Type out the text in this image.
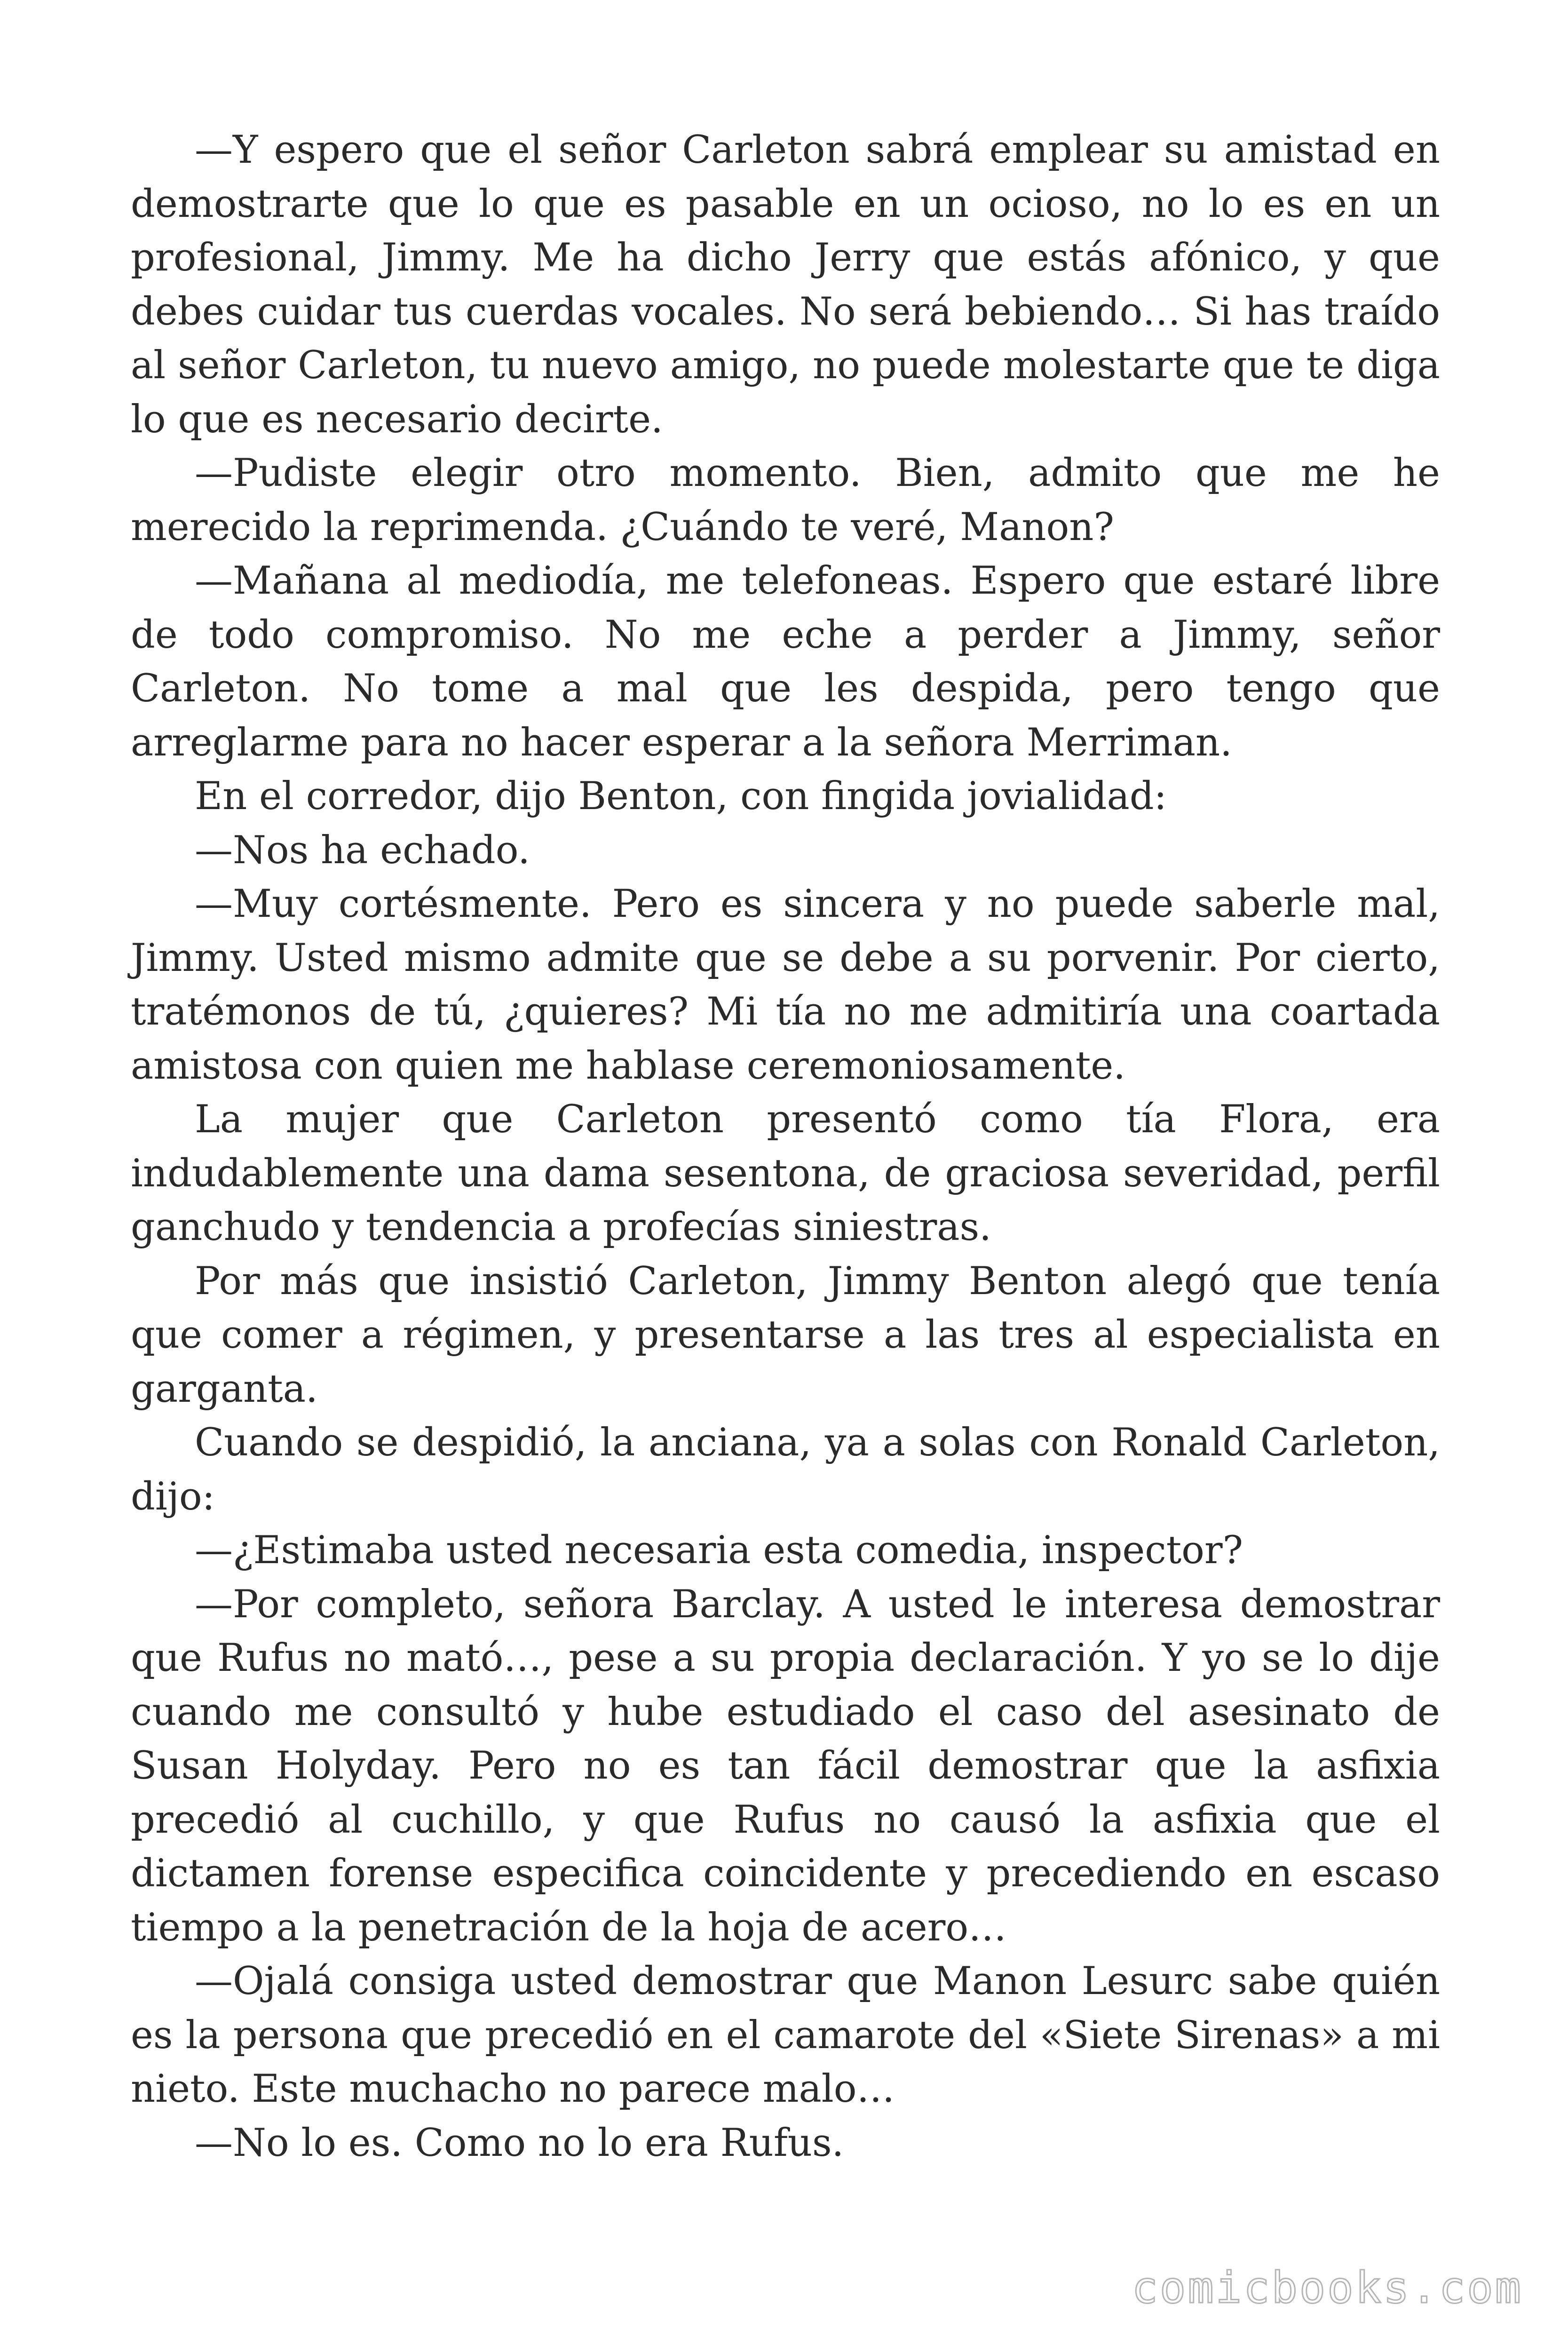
—Y espero que el señor Carleton sabrá emplear su amistad en demostrarte que lo que es pasable en un ocioso, no lo es en un profesional, Jimmy. Me ha dicho Jerry que estás afónico, y que debes cuidar tus cuerdas vocales. No será bebiendo… Si has traído al señor Carleton, tu nuevo amigo, no puede molestarte que te diga lo que es necesario decirte.

—Pudiste elegir otro momento. Bien, admito que me he merecido la reprimenda. ¿Cuándo te veré, Manon?

—Mañana al mediodía, me telefoneas. Espero que estaré libre de todo compromiso. No me eche a perder a Jimmy, señor Carleton. No tome a mal que les despida, pero tengo que arreglarme para no hacer esperar a la señora Merriman.

En el corredor, dijo Benton, con fingida jovialidad:

—Nos ha echado.

—Muy cortésmente. Pero es sincera y no puede saberle mal, Jimmy. Usted mismo admite que se debe a su porvenir. Por cierto, tratémonos de tú, ¿quieres? Mi tía no me admitiría una coartada amistosa con quien me hablase ceremoniosamente.

La mujer que Carleton presentó como tía Flora, era indudablemente una dama sesentona, de graciosa severidad, perfil ganchudo y tendencia a profecías siniestras.

Por más que insistió Carleton, Jimmy Benton alegó que tenía que comer a régimen, y presentarse a las tres al especialista en garganta.

Cuando se despidió, la anciana, ya a solas con Ronald Carleton, dijo:

—¿Estimaba usted necesaria esta comedia, inspector?

—Por completo, señora Barclay. A usted le interesa demostrar que Rufus no mató…, pese a su propia declaración. Y yo se lo dije cuando me consultó y hube estudiado el caso del asesinato de Susan Holyday. Pero no es tan fácil demostrar que la asfixia precedió al cuchillo, y que Rufus no causó la asfixia que el dictamen forense especifica coincidente y precediendo en escaso tiempo a la penetración de la hoja de acero…

—Ojalá consiga usted demostrar que Manon Lesurc sabe quién es la persona que precedió en el camarote del «Siete Sirenas» a mi nieto. Este muchacho no parece malo…

—No lo es. Como no lo era Rufus.

comicbooks.com
